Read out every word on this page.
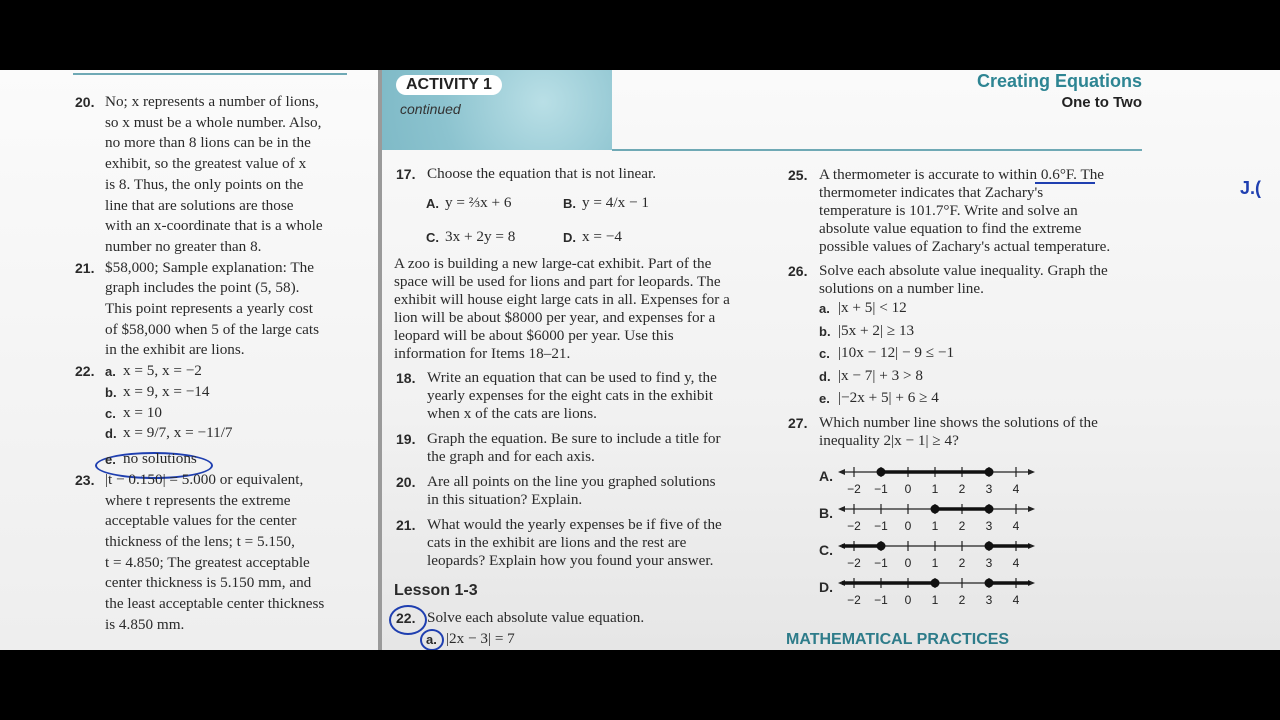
ACTIVITY 1
continued
Creating Equations
One to Two
J.(
20. No; x represents a number of lions,
so x must be a whole number. Also,
no more than 8 lions can be in the
exhibit, so the greatest value of x
is 8. Thus, the only points on the
line that are solutions are those
with an x-coordinate that is a whole
number no greater than 8.
21. $58,000; Sample explanation: The
graph includes the point (5, 58).
This point represents a yearly cost
of $58,000 when 5 of the large cats
in the exhibit are lions.
22. a. x = 5, x = −2
b. x = 9, x = −14
c. x = 10
d. x = 9/7, x = −11/7
e. no solutions
23. |t − 0.150| = 5.000 or equivalent,
where t represents the extreme
acceptable values for the center
thickness of the lens; t = 5.150,
t = 4.850; The greatest acceptable
center thickness is 5.150 mm, and
the least acceptable center thickness
is 4.850 mm.
17. Choose the equation that is not linear.
A. y = ⅔x + 6	B. y = 4/x − 1
C. 3x + 2y = 8	D. x = −4
A zoo is building a new large-cat exhibit. Part of the
space will be used for lions and part for leopards. The
exhibit will house eight large cats in all. Expenses for a
lion will be about $8000 per year, and expenses for a
leopard will be about $6000 per year. Use this
information for Items 18–21.
18. Write an equation that can be used to find y, the
yearly expenses for the eight cats in the exhibit
when x of the cats are lions.
19. Graph the equation. Be sure to include a title for
the graph and for each axis.
20. Are all points on the line you graphed solutions
in this situation? Explain.
21. What would the yearly expenses be if five of the
cats in the exhibit are lions and the rest are
leopards? Explain how you found your answer.
Lesson 1-3
22. Solve each absolute value equation.
a. |2x − 3| = 7
25. A thermometer is accurate to within 0.6°F. The
thermometer indicates that Zachary's
temperature is 101.7°F. Write and solve an
absolute value equation to find the extreme
possible values of Zachary's actual temperature.
26. Solve each absolute value inequality. Graph the
solutions on a number line.
a. |x + 5| < 12
b. |5x + 2| ≥ 13
c. |10x − 12| − 9 ≤ −1
d. |x − 7| + 3 > 8
e. |−2x + 5| + 6 ≥ 4
27. Which number line shows the solutions of the
inequality 2|x − 1| ≥ 4?
A.
−2 −1 0 1 2 3 4
B.
−2 −1 0 1 2 3 4
C.
−2 −1 0 1 2 3 4
D.
−2 −1 0 1 2 3 4
MATHEMATICAL PRACTICES
